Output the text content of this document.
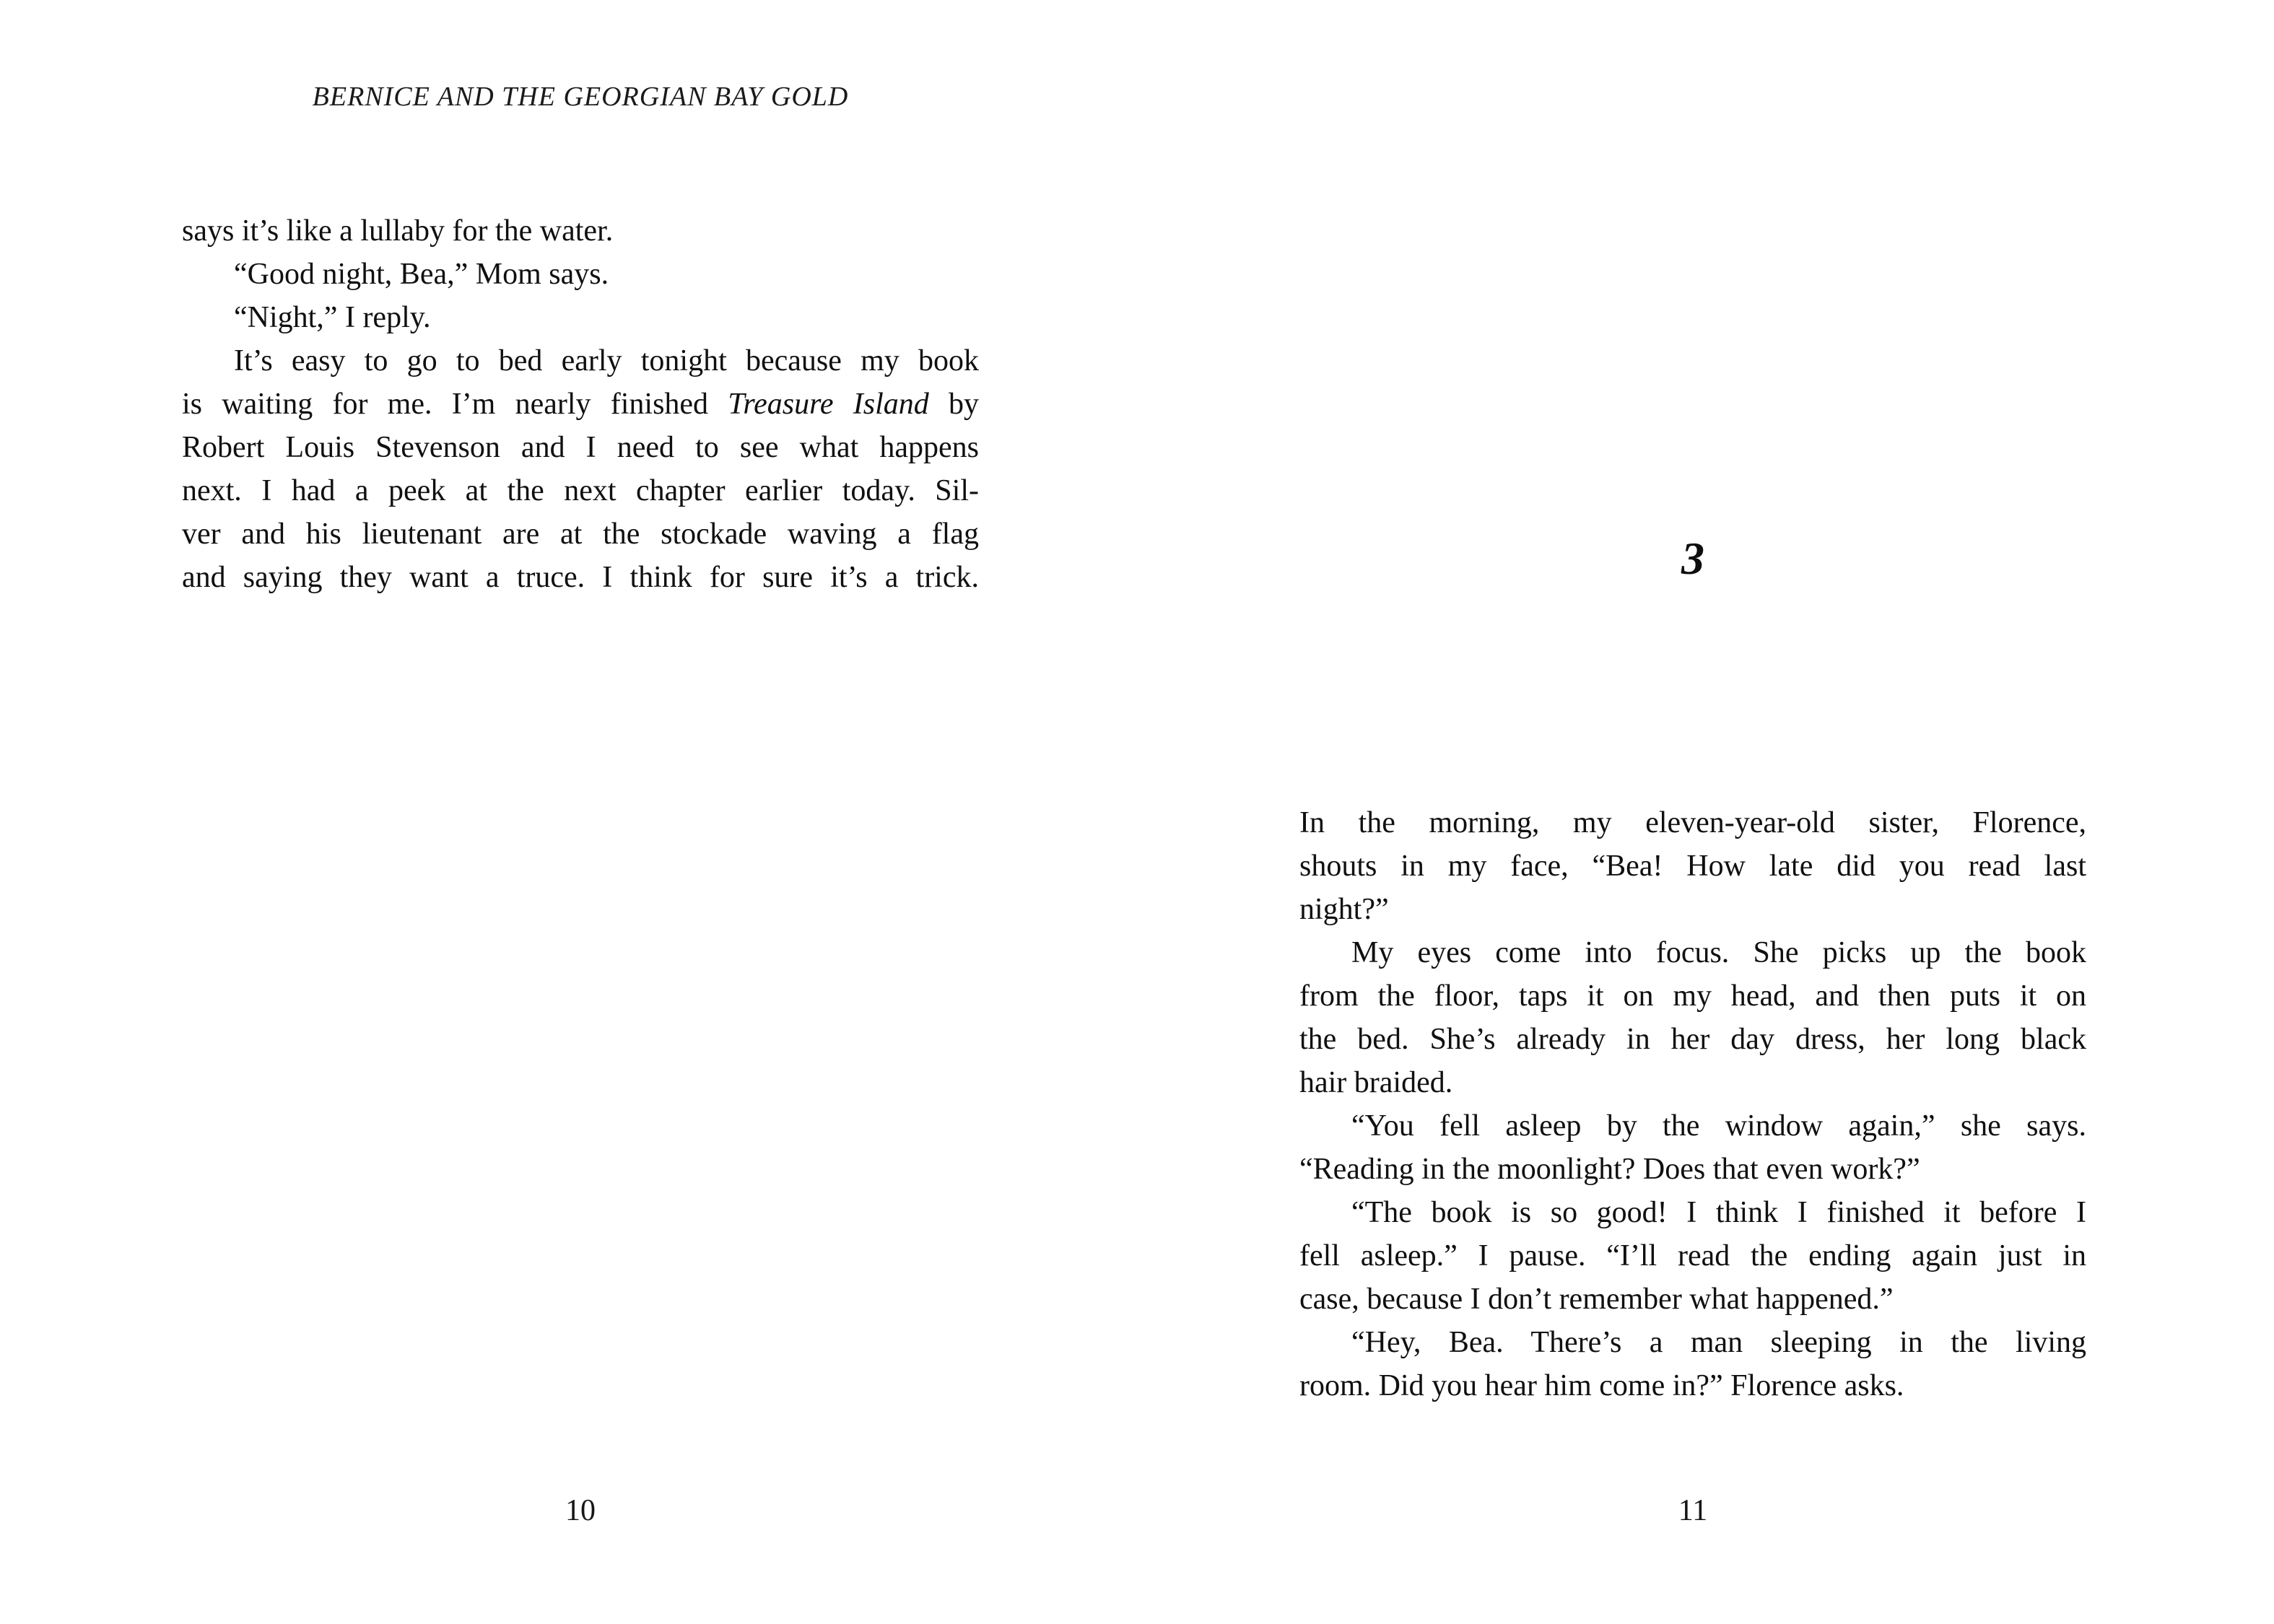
BERNICE AND THE GEORGIAN BAY GOLD
says it’s like a lullaby for the water.
“Good night, Bea,” Mom says.
“Night,” I reply.
It’s easy to go to bed early tonight because my book
is waiting for me. I’m nearly finished Treasure Island by
Robert Louis Stevenson and I need to see what happens
next. I had a peek at the next chapter earlier today. Sil-
ver and his lieutenant are at the stockade waving a flag
and saying they want a truce. I think for sure it’s a trick.	3
In the morning, my eleven-year-old sister, Florence,
shouts in my face, “Bea! How late did you read last
night?”
My eyes come into focus. She picks up the book
from the floor, taps it on my head, and then puts it on
the bed. She’s already in her day dress, her long black
hair braided.
“You fell asleep by the window again,” she says.
“Reading in the moonlight? Does that even work?”
“The book is so good! I think I finished it before I
fell asleep.” I pause. “I’ll read the ending again just in
case, because I don’t remember what happened.”
“Hey, Bea. There’s a man sleeping in the living
room. Did you hear him come in?” Florence asks.
10	11
